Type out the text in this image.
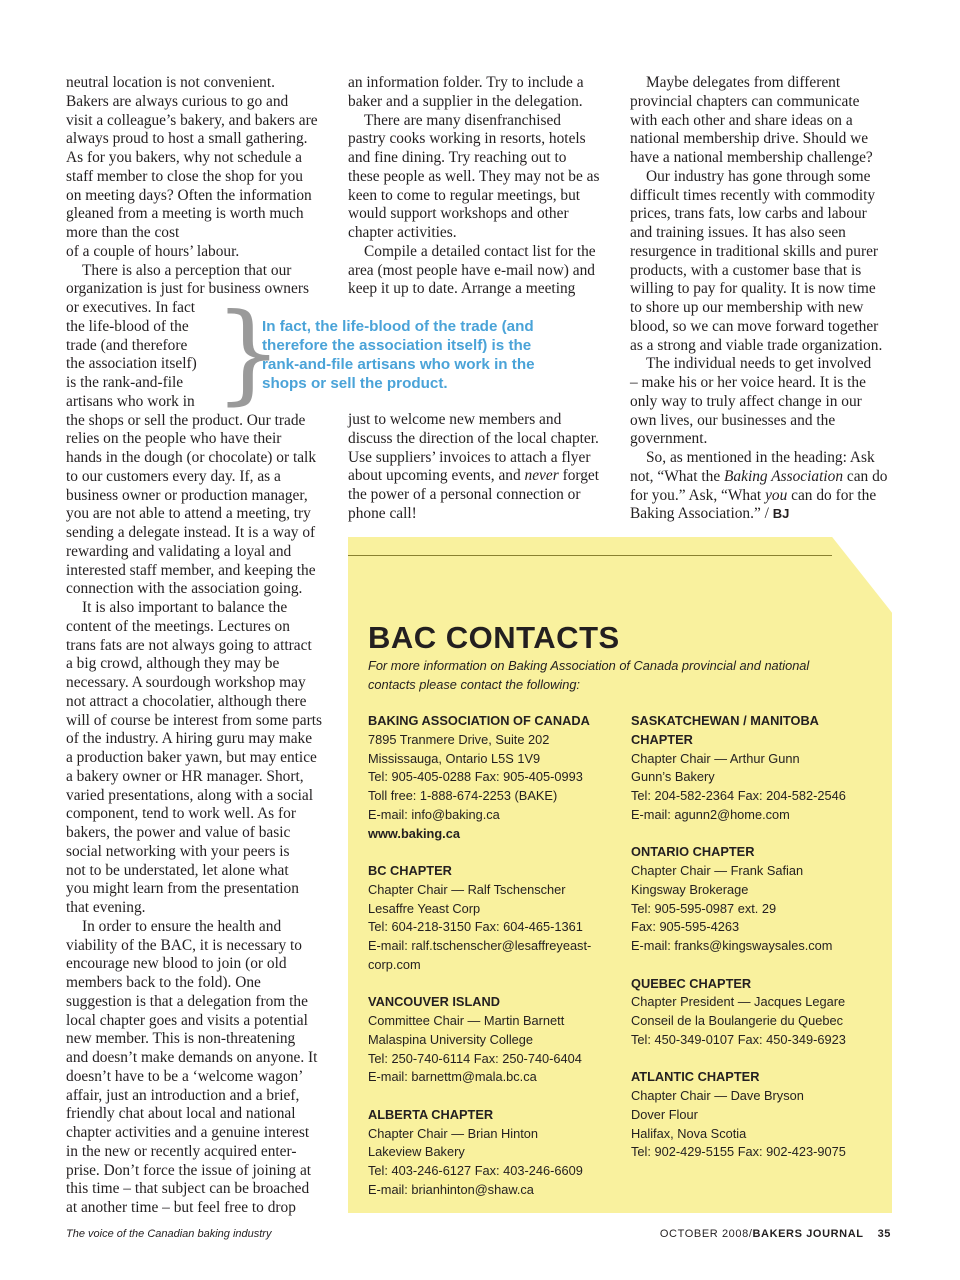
neutral location is not convenient.
Bakers are always curious to go and
visit a colleague’s bakery, and bakers are
always proud to host a small gathering.
As for you bakers, why not schedule a
staff member to close the shop for you
on meeting days? Often the information
gleaned from a meeting is worth much
more than the cost
of a couple of hours’ labour.
There is also a perception that our
organization is just for business owners
or executives. In fact
the life-blood of the
trade (and therefore
the association itself)
is the rank-and-file
artisans who work in
the shops or sell the product. Our trade
relies on the people who have their
hands in the dough (or chocolate) or talk
to our customers every day. If, as a
business owner or production manager,
you are not able to attend a meeting, try
sending a delegate instead. It is a way of
rewarding and validating a loyal and
interested staff member, and keeping the
connection with the association going.
It is also important to balance the
content of the meetings. Lectures on
trans fats are not always going to attract
a big crowd, although they may be
necessary. A sourdough workshop may
not attract a chocolatier, although there
will of course be interest from some parts
of the industry. A hiring guru may make
a production baker yawn, but may entice
a bakery owner or HR manager. Short,
varied presentations, along with a social
component, tend to work well. As for
bakers, the power and value of basic
social networking with your peers is
not to be understated, let alone what
you might learn from the presentation
that evening.
In order to ensure the health and
viability of the BAC, it is necessary to
encourage new blood to join (or old
members back to the fold). One
suggestion is that a delegation from the
local chapter goes and visits a potential
new member. This is non-threatening
and doesn’t make demands on anyone. It
doesn’t have to be a ‘welcome wagon’
affair, just an introduction and a brief,
friendly chat about local and national
chapter activities and a genuine interest
in the new or recently acquired enter-
prise. Don’t force the issue of joining at
this time – that subject can be broached
at another time – but feel free to drop
}
In fact, the life-blood of the trade (and
therefore the association itself) is the
rank-and-file artisans who work in the
shops or sell the product.
an information folder. Try to include a
baker and a supplier in the delegation.
There are many disenfranchised
pastry cooks working in resorts, hotels
and fine dining. Try reaching out to
these people as well. They may not be as
keen to come to regular meetings, but
would support workshops and other
chapter activities.
Compile a detailed contact list for the
area (most people have e-mail now) and
keep it up to date. Arrange a meeting
just to welcome new members and
discuss the direction of the local chapter.
Use suppliers’ invoices to attach a flyer
about upcoming events, and never forget
the power of a personal connection or
phone call!
Maybe delegates from different
provincial chapters can communicate
with each other and share ideas on a
national membership drive. Should we
have a national membership challenge?
Our industry has gone through some
difficult times recently with commodity
prices, trans fats, low carbs and labour
and training issues. It has also seen
resurgence in traditional skills and purer
products, with a customer base that is
willing to pay for quality. It is now time
to shore up our membership with new
blood, so we can move forward together
as a strong and viable trade organization.
The individual needs to get involved
– make his or her voice heard. It is the
only way to truly affect change in our
own lives, our businesses and the
government.
So, as mentioned in the heading: Ask
not, “What the Baking Association can do
for you.” Ask, “What you can do for the
Baking Association.” / BJ
BAC CONTACTS
For more information on Baking Association of Canada provincial and national
contacts please contact the following:
BAKING ASSOCIATION OF CANADA
7895 Tranmere Drive, Suite 202
Mississauga, Ontario L5S 1V9
Tel: 905-405-0288 Fax: 905-405-0993
Toll free: 1-888-674-2253 (BAKE)
E-mail: info@baking.ca
www.baking.ca
BC CHAPTER
Chapter Chair — Ralf Tschenscher
Lesaffre Yeast Corp
Tel: 604-218-3150 Fax: 604-465-1361
E-mail: ralf.tschenscher@lesaffreyeast-
corp.com
VANCOUVER ISLAND
Committee Chair — Martin Barnett
Malaspina University College
Tel: 250-740-6114 Fax: 250-740-6404
E-mail: barnettm@mala.bc.ca
ALBERTA CHAPTER
Chapter Chair — Brian Hinton
Lakeview Bakery
Tel: 403-246-6127 Fax: 403-246-6609
E-mail: brianhinton@shaw.ca
SASKATCHEWAN / MANITOBA
CHAPTER
Chapter Chair — Arthur Gunn
Gunn’s Bakery
Tel: 204-582-2364 Fax: 204-582-2546
E-mail: agunn2@home.com
ONTARIO CHAPTER
Chapter Chair — Frank Safian
Kingsway Brokerage
Tel: 905-595-0987 ext. 29
Fax: 905-595-4263
E-mail: franks@kingswaysales.com
QUEBEC CHAPTER
Chapter President — Jacques Legare
Conseil de la Boulangerie du Quebec
Tel: 450-349-0107 Fax: 450-349-6923
ATLANTIC CHAPTER
Chapter Chair — Dave Bryson
Dover Flour
Halifax, Nova Scotia
Tel: 902-429-5155 Fax: 902-423-9075
The voice of the Canadian baking industry	OCTOBER 2008/BAKERS JOURNAL 35
